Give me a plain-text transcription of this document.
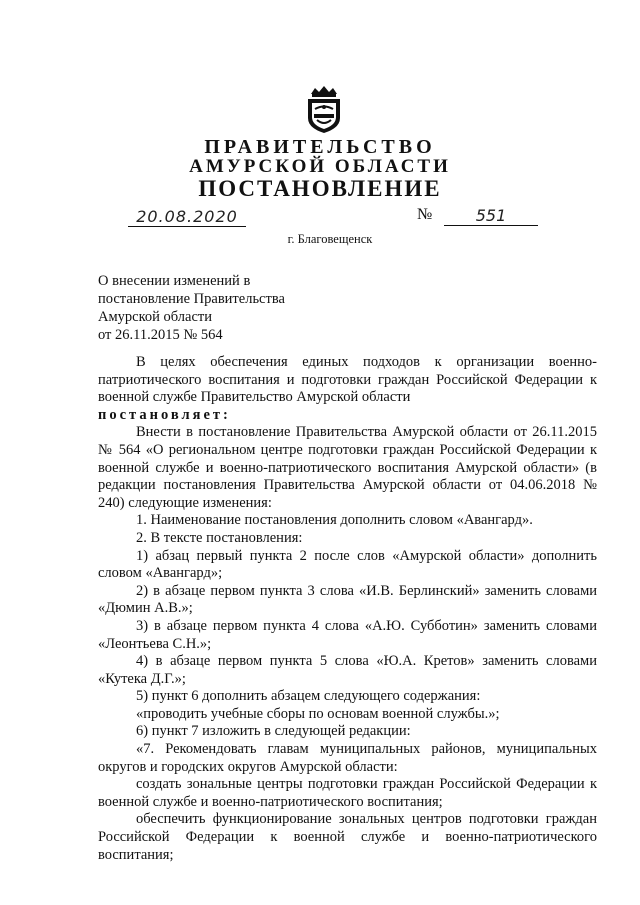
ПРАВИТЕЛЬСТВО
АМУРСКОЙ ОБЛАСТИ
ПОСТАНОВЛЕНИЕ
20.08.2020	№	551
г. Благовещенск
О внесении изменений в
постановление Правительства
Амурской области
от 26.11.2015 № 564

В целях обеспечения единых подходов к организации военно-патриотического воспитания и подготовки граждан Российской Федерации к военной службе Правительство Амурской области

постановляет:

Внести в постановление Правительства Амурской области от 26.11.2015 № 564 «О региональном центре подготовки граждан Российской Федерации к военной службе и военно-патриотического воспитания Амурской области» (в редакции постановления Правительства Амурской области от 04.06.2018 № 240) следующие изменения:

1. Наименование постановления дополнить словом «Авангард».

2. В тексте постановления:

1) абзац первый пункта 2 после слов «Амурской области» дополнить словом «Авангард»;

2) в абзаце первом пункта 3 слова «И.В. Берлинский» заменить словами «Дюмин А.В.»;

3) в абзаце первом пункта 4 слова «А.Ю. Субботин» заменить словами «Леонтьева С.Н.»;

4) в абзаце первом пункта 5 слова «Ю.А. Кретов» заменить словами «Кутека Д.Г.»;

5) пункт 6 дополнить абзацем следующего содержания:

«проводить учебные сборы по основам военной службы.»;

6) пункт 7 изложить в следующей редакции:

«7. Рекомендовать главам муниципальных районов, муниципальных округов и городских округов Амурской области:

создать зональные центры подготовки граждан Российской Федерации к военной службе и военно-патриотического воспитания;

обеспечить функционирование зональных центров подготовки граждан Российской Федерации к военной службе и военно-патриотического воспитания;
